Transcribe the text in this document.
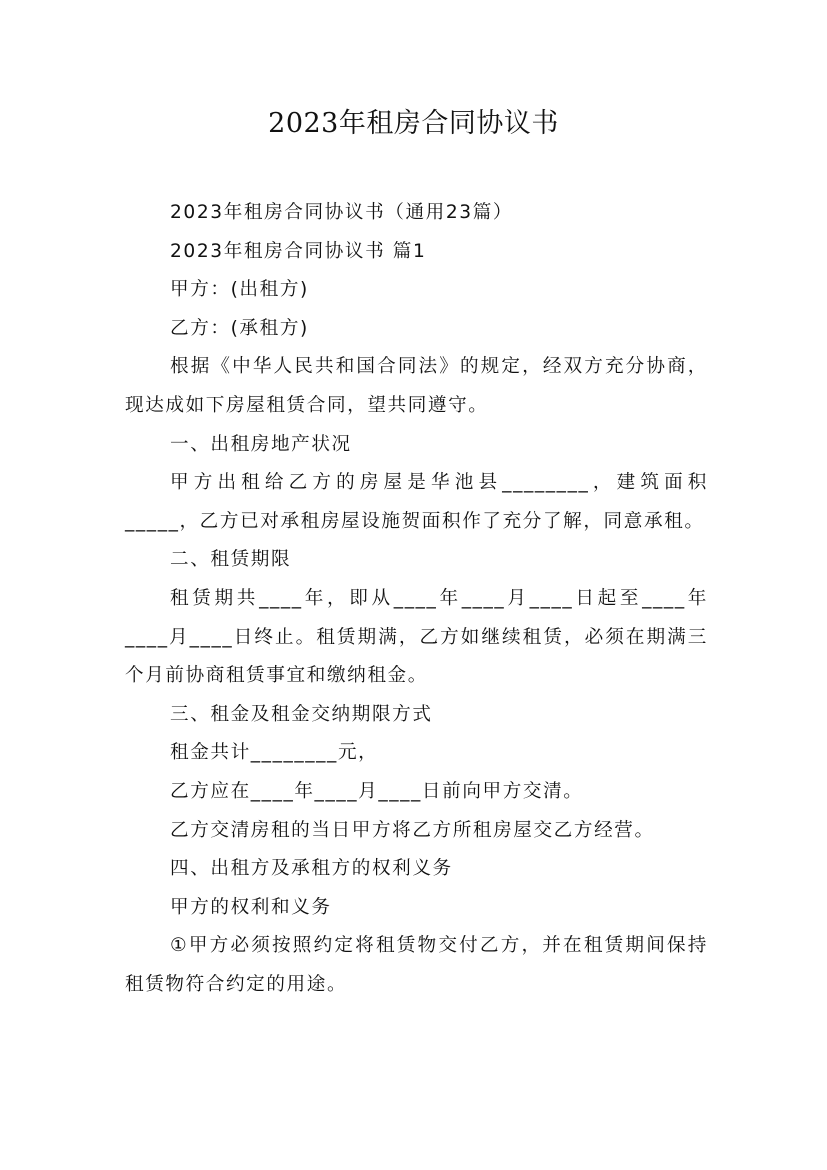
2023年租房合同协议书

2023年租房合同协议书（通用23篇）

2023年租房合同协议书 篇1

甲方：(出租方)

乙方：(承租方)

根据《中华人民共和国合同法》的规定，经双方充分协商，现达成如下房屋租赁合同，望共同遵守。

一、出租房地产状况

甲方出租给乙方的房屋是华池县________，建筑面积_____，乙方已对承租房屋设施贺面积作了充分了解，同意承租。

二、租赁期限

租赁期共____年，即从____年____月____日起至____年____月____日终止。租赁期满，乙方如继续租赁，必须在期满三个月前协商租赁事宜和缴纳租金。

三、租金及租金交纳期限方式

租金共计________元，

乙方应在____年____月____日前向甲方交清。

乙方交清房租的当日甲方将乙方所租房屋交乙方经营。

四、出租方及承租方的权利义务

甲方的权利和义务

①甲方必须按照约定将租赁物交付乙方，并在租赁期间保持租赁物符合约定的用途。
